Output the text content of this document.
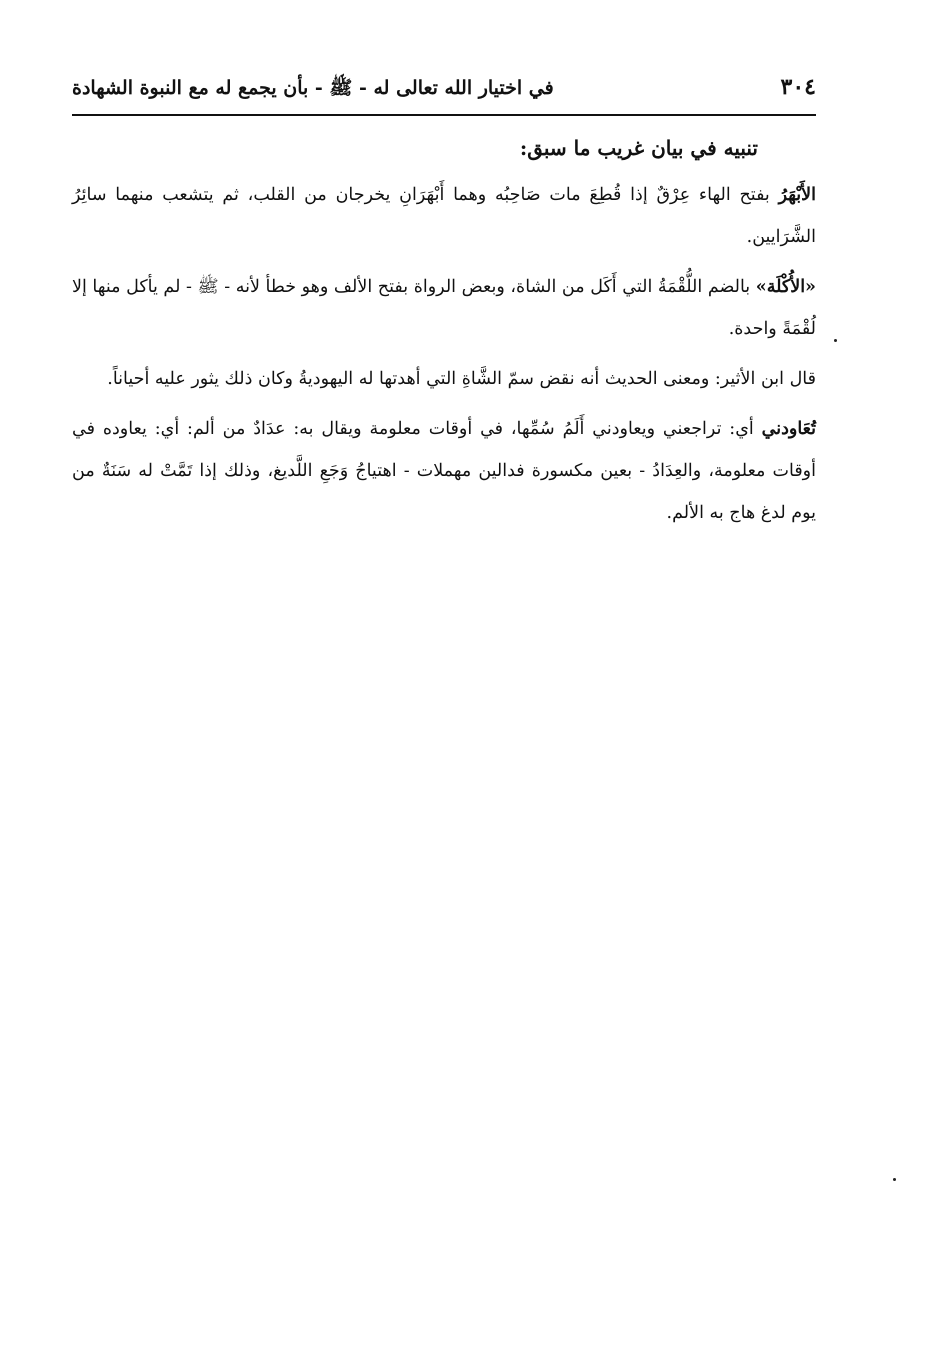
٣٠٤
في اختيار الله تعالى له - ﷺ - بأن يجمع له مع النبوة الشهادة
تنبيه في بيان غريب ما سبق:

الأَبْهَرُ بفتح الهاء عِرْقٌ إذا قُطِعَ مات صَاحِبُه وهما أَبْهَرَانِ يخرجان من القلب، ثم يتشعب منهما سائِرُ الشَّرَايين.

«الأُكْلَة» بالضم اللُّقْمَةُ التي أَكَل من الشاة، وبعض الرواة بفتح الألف وهو خطأ لأنه - ﷺ - لم يأكل منها إلا لُقْمَةً واحدة.

قال ابن الأثير: ومعنى الحديث أنه نقض سمّ الشَّاةِ التي أهدتها له اليهوديةُ وكان ذلك يثور عليه أحياناً.

تُعَاودني أي: تراجعني ويعاودني أَلَمُ سُمِّها، في أوقات معلومة ويقال به: عدَادٌ من ألم: أي: يعاوده في أوقات معلومة، والعِدَادُ - بعين مكسورة فدالين مهملات - اهتياجُ وَجَعِ اللَّديغ، وذلك إذا تَمَّتْ له سَنَةٌ من يوم لدغ هاج به الألم.
